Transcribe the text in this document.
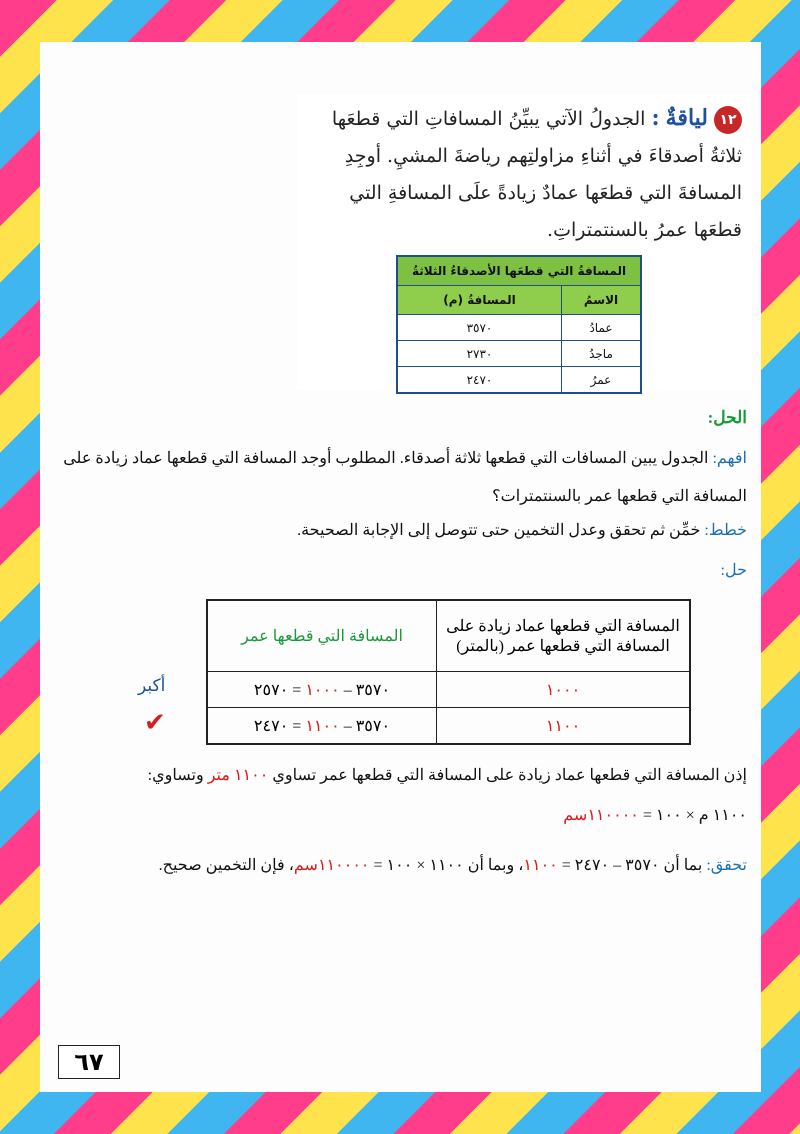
١٢لياقةٌ : الجدولُ الآتي يبيِّنُ المسافاتِ التي قطعَها ثلاثةُ أصدقاءَ في أثناءِ مزاولتِهم رياضةَ المشيِ. أوجِدِ المسافةَ التي قطعَها عمادٌ زيادةً علَى المسافةِ التي قطعَها عمرُ بالسنتمتراتِ.
المسافةُ التي قطعَها الأصدقاءُ الثلاثةُ	
الاسمُ	المسافةُ (م)
عمادُ	٣٥٧٠
ماجدُ	٢٧٣٠
عمرُ	٢٤٧٠
الحل:
افهم: الجدول يبين المسافات التي قطعها ثلاثة أصدقاء. المطلوب أوجد المسافة التي قطعها عماد زيادة على المسافة التي قطعها عمر بالسنتمترات؟
خطط: خمِّن ثم تحقق وعدل التخمين حتى تتوصل إلى الإجابة الصحيحة.
حل:
المسافة التي قطعها عماد زيادة على المسافة التي قطعها عمر (بالمتر)	المسافة التي قطعها عمر
١٠٠٠	٣٥٧٠ – ١٠٠٠ = ٢٥٧٠
١١٠٠	٣٥٧٠ – ١١٠٠ = ٢٤٧٠
أكبر
✔
إذن المسافة التي قطعها عماد زيادة على المسافة التي قطعها عمر تساوي ١١٠٠ متر وتساوي:
١١٠٠ م × ١٠٠ = ١١٠٠٠٠سم
تحقق: بما أن ٣٥٧٠ – ٢٤٧٠ = ١١٠٠، وبما أن ١١٠٠ × ١٠٠ = ١١٠٠٠٠سم، فإن التخمين صحيح.
٦٧
